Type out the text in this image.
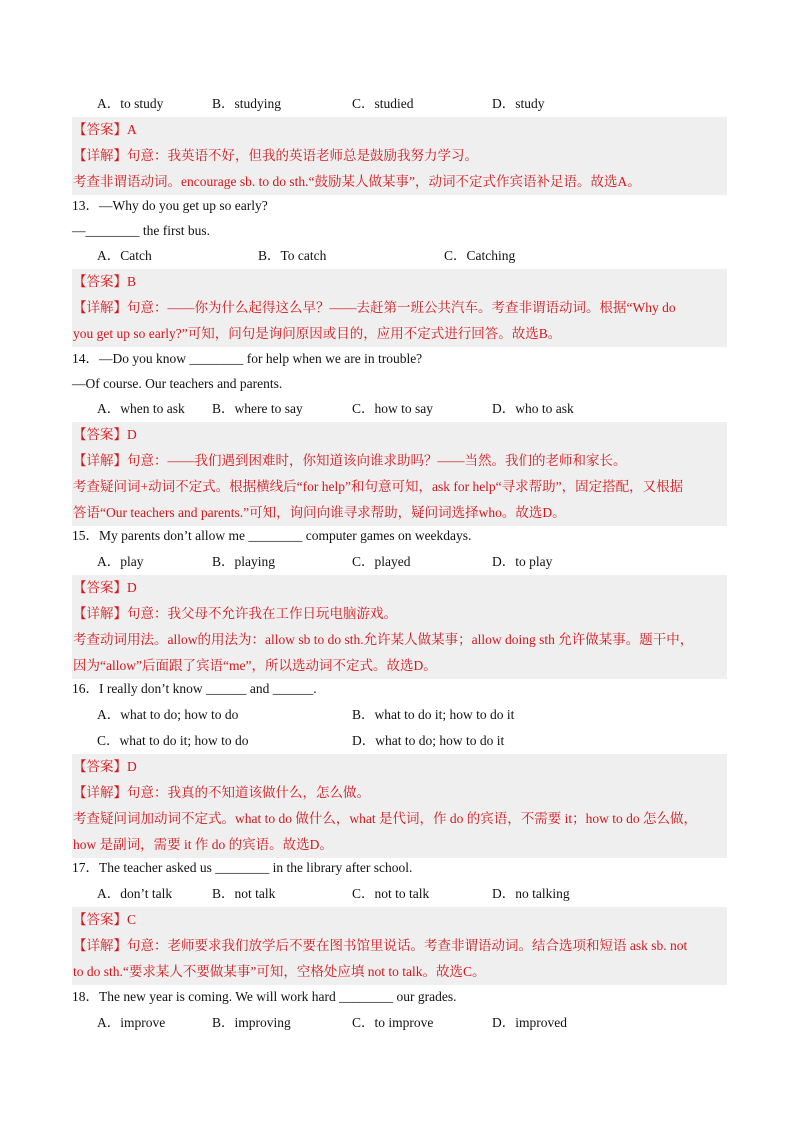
A．to study	B．studying	C．studied	D．study
【答案】A
【详解】句意：我英语不好，但我的英语老师总是鼓励我努力学习。
考查非谓语动词。encourage sb. to do sth.“鼓励某人做某事”，动词不定式作宾语补足语。故选A。
13．—Why do you get up so early?
—________ the first bus.
A．Catch	B．To catch	C．Catching
【答案】B
【详解】句意：——你为什么起得这么早？——去赶第一班公共汽车。考查非谓语动词。根据“Why do
you get up so early?”可知，问句是询问原因或目的，应用不定式进行回答。故选B。
14．—Do you know ________ for help when we are in trouble?
—Of course. Our teachers and parents.
A．when to ask B．where to say	C．how to say	D．who to ask
【答案】D
【详解】句意：——我们遇到困难时，你知道该向谁求助吗？——当然。我们的老师和家长。
考查疑问词+动词不定式。根据横线后“for help”和句意可知，ask for help“寻求帮助”，固定搭配，又根据
答语“Our teachers and parents.”可知，询问向谁寻求帮助，疑问词选择who。故选D。
15．My parents don’t allow me ________ computer games on weekdays.
A．play	B．playing	C．played	D．to play
【答案】D
【详解】句意：我父母不允许我在工作日玩电脑游戏。
考查动词用法。allow的用法为：allow sb to do sth.允许某人做某事；allow doing sth 允许做某事。题干中，
因为“allow”后面跟了宾语“me”，所以选动词不定式。故选D。
16．I really don’t know ______ and ______.
A．what to do; how to do	B．what to do it; how to do it
C．what to do it; how to do	D．what to do; how to do it
【答案】D
【详解】句意：我真的不知道该做什么，怎么做。
考查疑问词加动词不定式。what to do 做什么，what 是代词，作 do 的宾语，不需要 it；how to do 怎么做，
how 是副词，需要 it 作 do 的宾语。故选D。
17．The teacher asked us ________ in the library after school.
A．don’t talk	B．not talk	C．not to talk	D．no talking
【答案】C
【详解】句意：老师要求我们放学后不要在图书馆里说话。考查非谓语动词。结合选项和短语 ask sb. not
to do sth.“要求某人不要做某事”可知，空格处应填 not to talk。故选C。
18．The new year is coming. We will work hard ________ our grades.
A．improve	B．improving	C．to improve	D．improved
